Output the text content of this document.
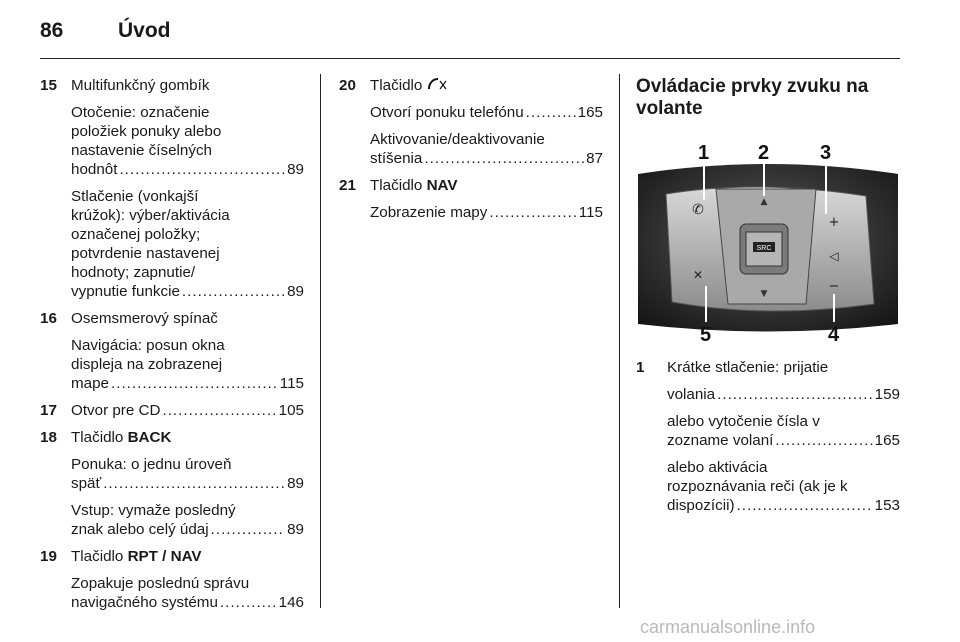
86	Úvod
15 Multifunkčný gombík
Otočenie: označenie
položiek ponuky alebo
nastavenie číselných
hodnôt .....	89
Stlačenie (vonkajší
krúžok): výber/aktivácia
označenej položky;
potvrdenie nastavenej
hodnoty; zapnutie/
vypnutie funkcie .....	89
16 Osemsmerový spínač
Navigácia: posun okna
displeja na zobrazenej
mape .....	115
17 Otvor pre CD .....	105
18 Tlačidlo BACK
Ponuka: o jednu úroveň
späť .....	89
Vstup: vymaže posledný
znak alebo celý údaj .....	89
19 Tlačidlo RPT / NAV
Zopakuje poslednú správu
navigačného systému .....	146
20 Tlačidlo
Otvorí ponuku telefónu .....	165
Aktivovanie/deaktivovanie
stíšenia .....	87
21 Tlačidlo NAV
Zobrazenie mapy .....	115
Ovládacie prvky zvuku na volante
SRC
▲
▼
✆
✕
+
◁
−
1 2	3
4
5
1 Krátke stlačenie: prijatie
volania .....	159
alebo vytočenie čísla v
zozname volaní .....	165
alebo aktivácia
rozpoznávania reči (ak je k
dispozícii) .....	153
carmanualsonline.info
